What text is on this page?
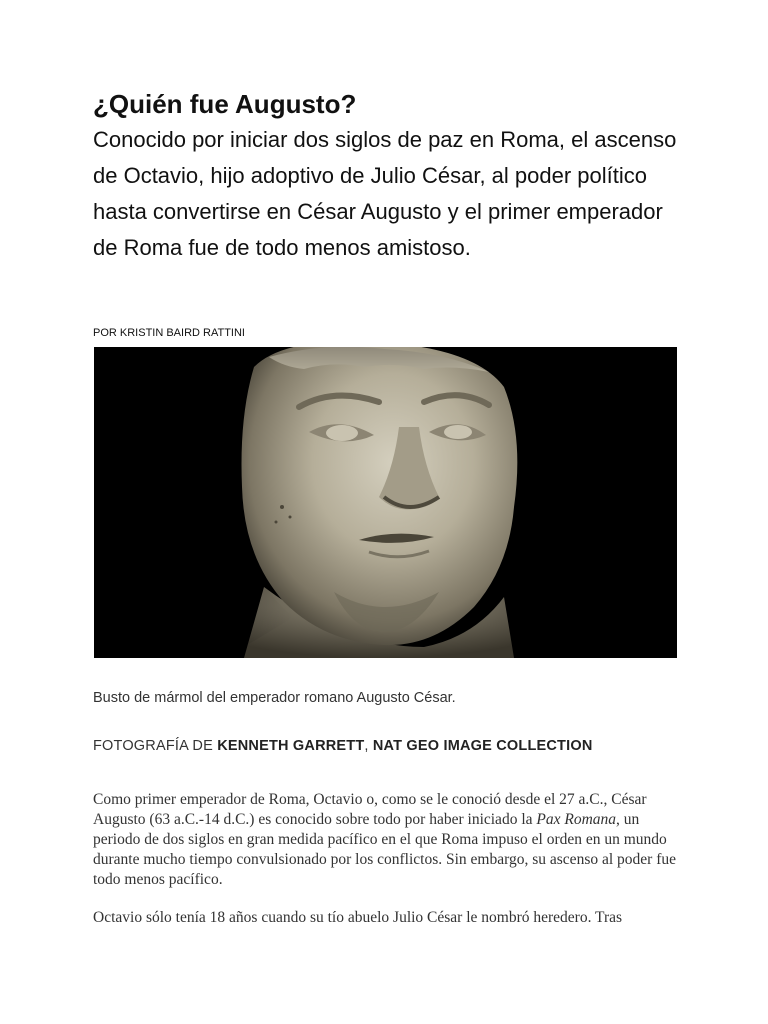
¿Quién fue Augusto?

Conocido por iniciar dos siglos de paz en Roma, el ascenso de Octavio, hijo adoptivo de Julio César, al poder político hasta convertirse en César Augusto y el primer emperador de Roma fue de todo menos amistoso.

POR KRISTIN BAIRD RATTINI
Busto de mármol del emperador romano Augusto César.
FOTOGRAFÍA DE KENNETH GARRETT, NAT GEO IMAGE COLLECTION

Como primer emperador de Roma, Octavio o, como se le conoció desde el 27 a.C., César Augusto (63 a.C.-14 d.C.) es conocido sobre todo por haber iniciado la Pax Romana, un periodo de dos siglos en gran medida pacífico en el que Roma impuso el orden en un mundo durante mucho tiempo convulsionado por los conflictos. Sin embargo, su ascenso al poder fue todo menos pacífico.

Octavio sólo tenía 18 años cuando su tío abuelo Julio César le nombró heredero. Tras
